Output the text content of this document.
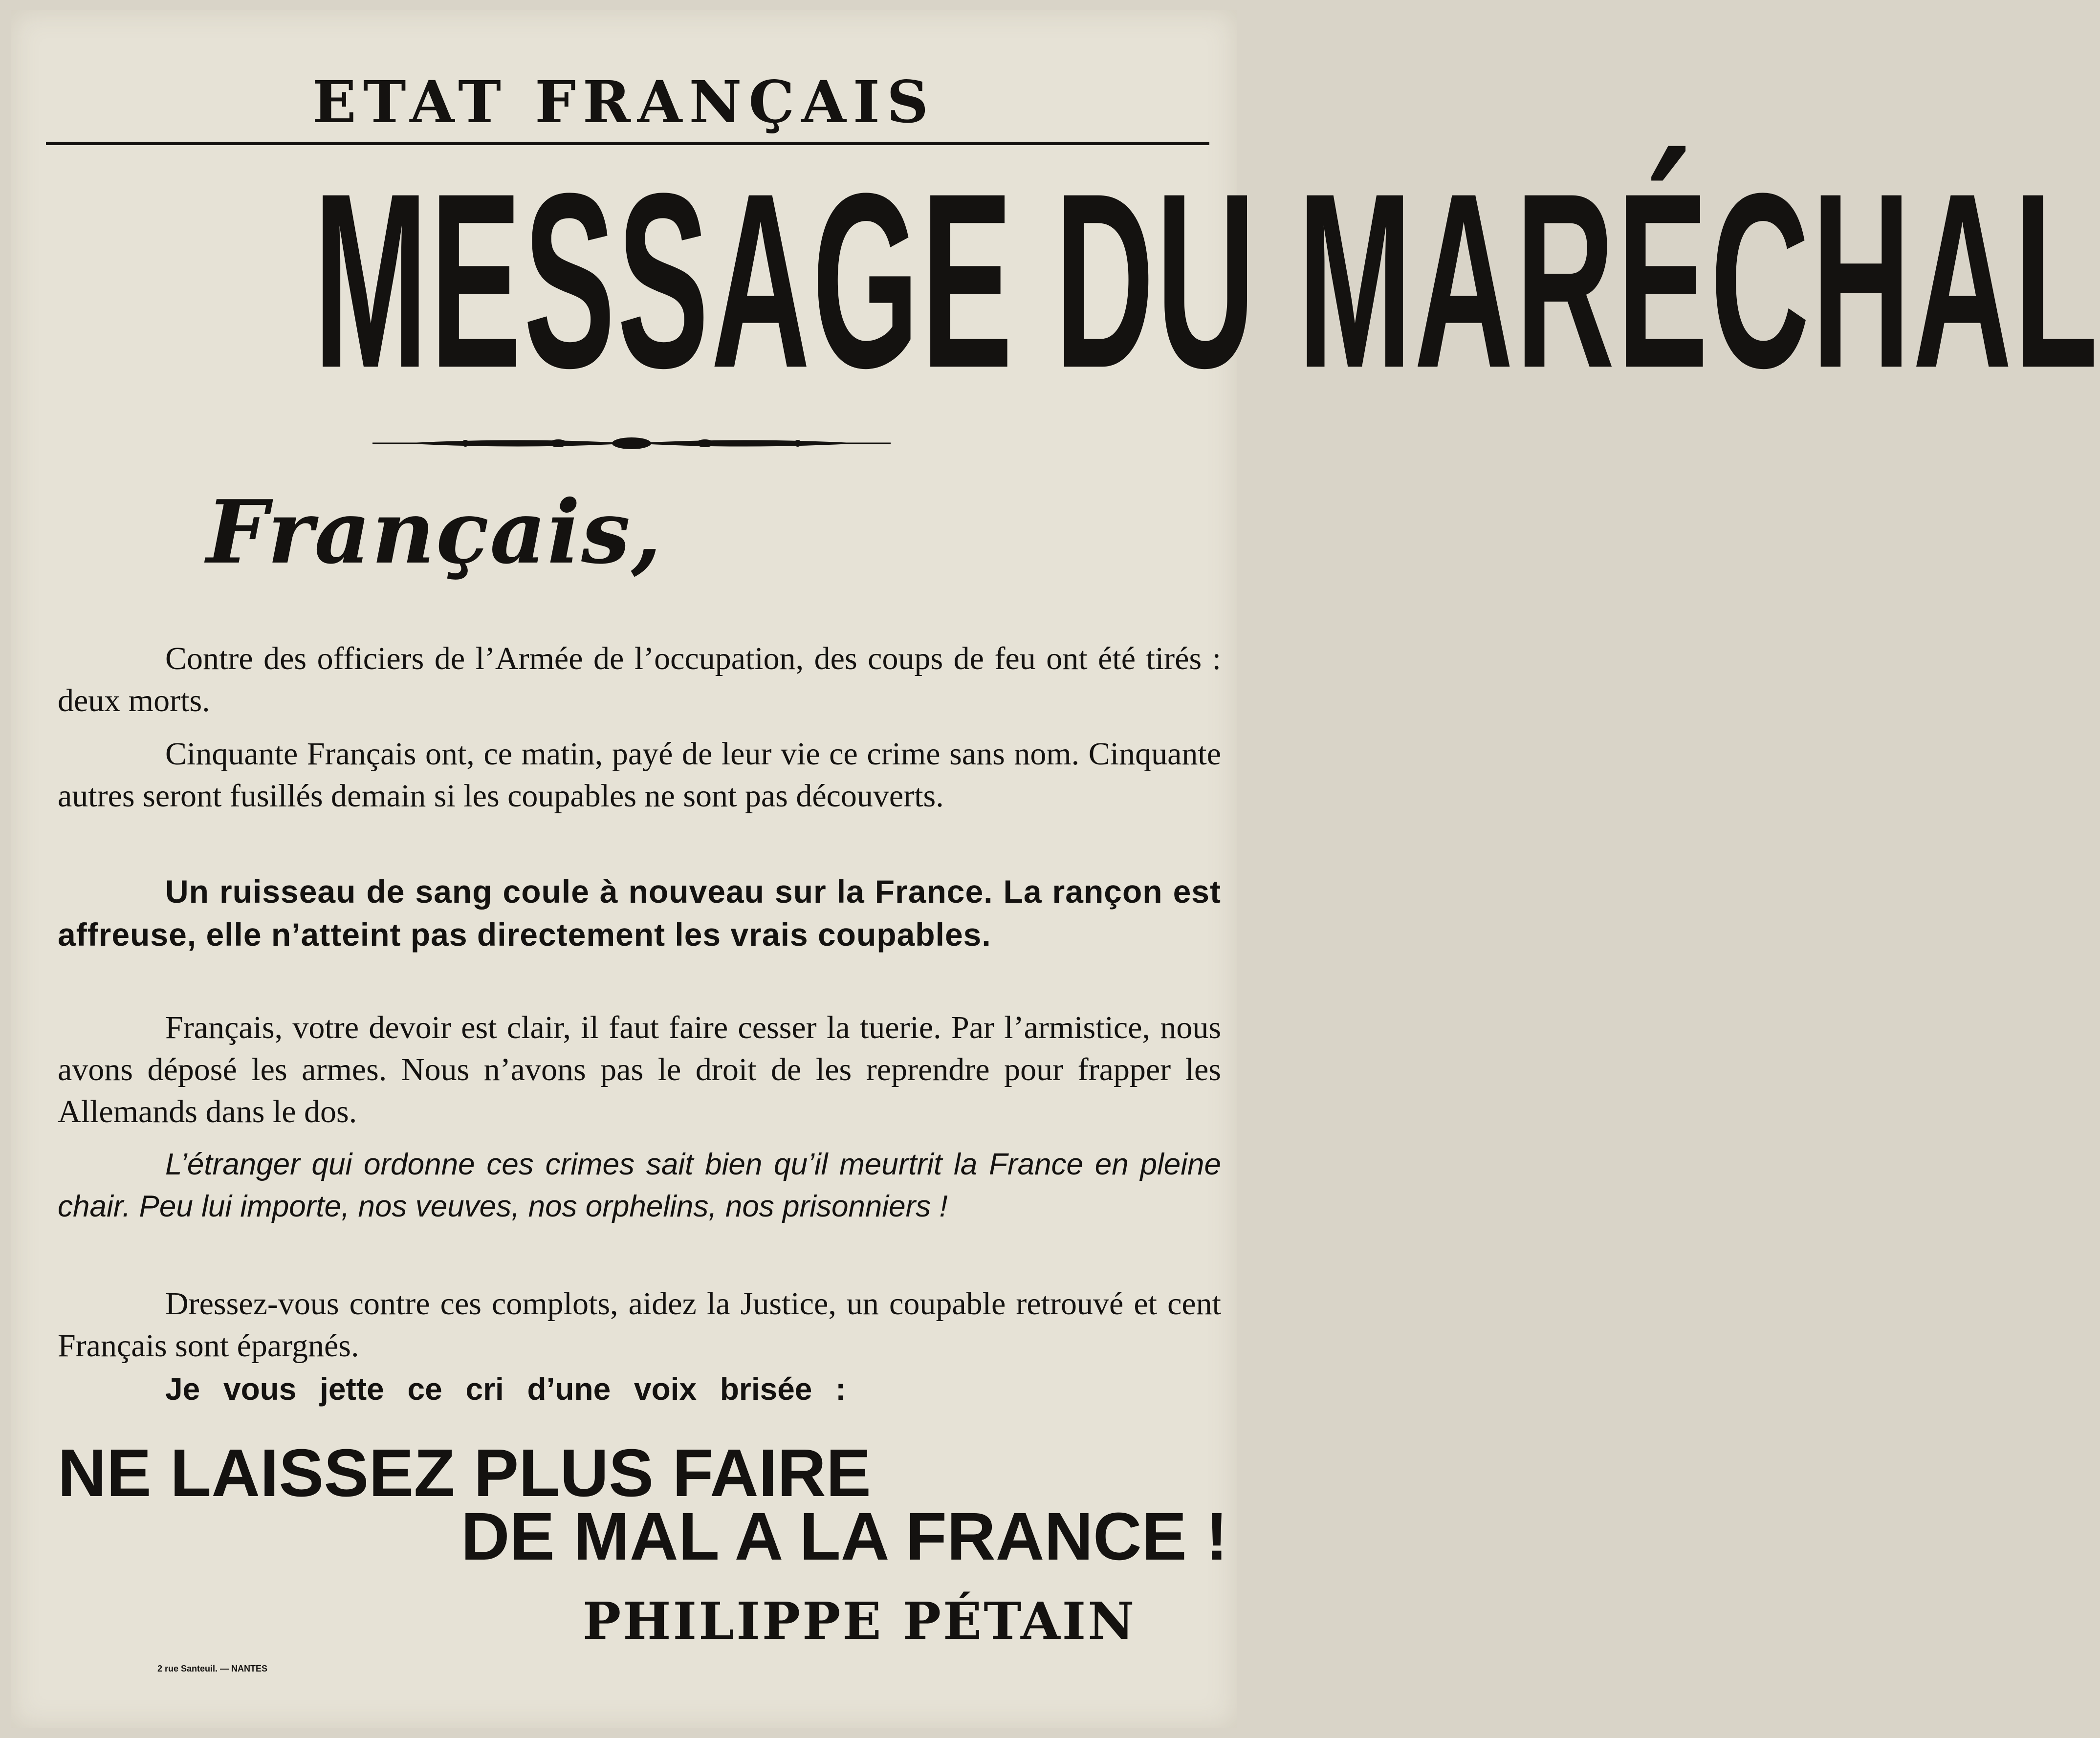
ETAT FRANÇAIS
MESSAGE DU MARÉCHAL
Français,

Contre des officiers de l’Armée de l’occupation, des coups de feu ont été tirés : deux morts.

Cinquante Français ont, ce matin, payé de leur vie ce crime sans nom. Cinquante autres seront fusillés demain si les coupables ne sont pas découverts.

Un ruisseau de sang coule à nouveau sur la France. La rançon est affreuse, elle n’atteint pas directement les vrais coupables.

Français, votre devoir est clair, il faut faire cesser la tuerie. Par l’armistice, nous avons déposé les armes. Nous n’avons pas le droit de les reprendre pour frapper les Allemands dans le dos.

L’étranger qui ordonne ces crimes sait bien qu’il meurtrit la France en pleine chair. Peu lui importe, nos veuves, nos orphelins, nos prisonniers !

Dressez-vous contre ces complots, aidez la Justice, un coupable retrouvé et cent Français sont épargnés.

Je vous jette ce cri d’une voix brisée :
NE LAISSEZ PLUS FAIRE
DE MAL A LA FRANCE !
PHILIPPE PÉTAIN
2 rue Santeuil. — NANTES
